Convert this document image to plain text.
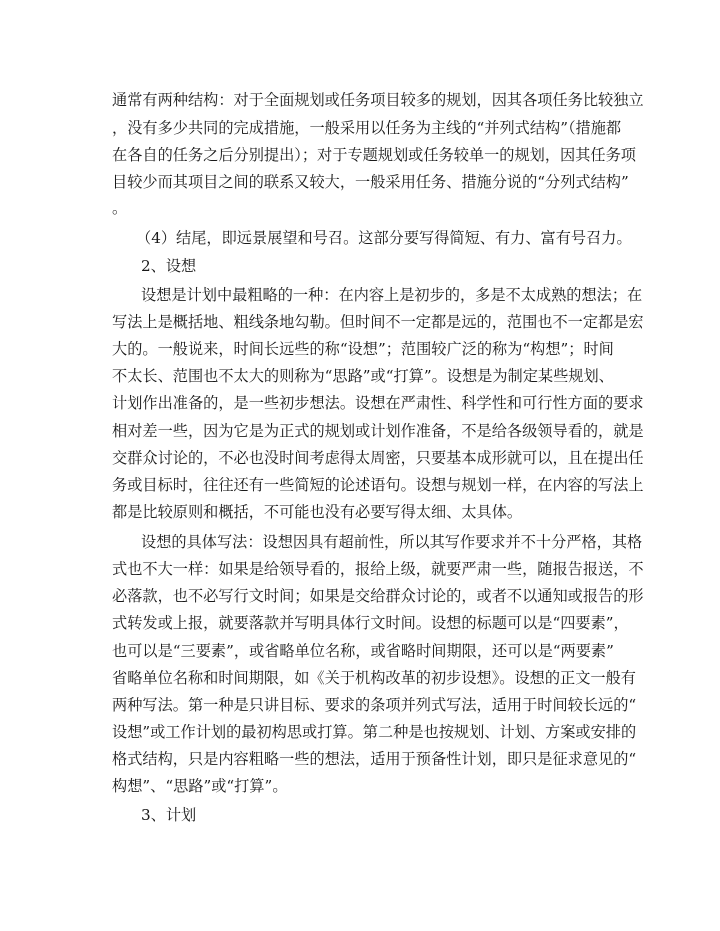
通常有两种结构：对于全面规划或任务项目较多的规划，因其各项任务比较独立
，没有多少共同的完成措施，一般采用以任务为主线的“并列式结构”（措施都
在各自的任务之后分别提出）；对于专题规划或任务较单一的规划，因其任务项
目较少而其项目之间的联系又较大，一般采用任务、措施分说的“分列式结构”
。
（4）结尾，即远景展望和号召。这部分要写得简短、有力、富有号召力。
2、设想
设想是计划中最粗略的一种：在内容上是初步的，多是不太成熟的想法；在
写法上是概括地、粗线条地勾勒。但时间不一定都是远的，范围也不一定都是宏
大的。一般说来，时间长远些的称“设想”；范围较广泛的称为“构想”；时间
不太长、范围也不太大的则称为“思路”或“打算”。设想是为制定某些规划、
计划作出准备的，是一些初步想法。设想在严肃性、科学性和可行性方面的要求
相对差一些，因为它是为正式的规划或计划作准备，不是给各级领导看的，就是
交群众讨论的，不必也没时间考虑得太周密，只要基本成形就可以，且在提出任
务或目标时，往往还有一些简短的论述语句。设想与规划一样，在内容的写法上
都是比较原则和概括，不可能也没有必要写得太细、太具体。
设想的具体写法：设想因具有超前性，所以其写作要求并不十分严格，其格
式也不大一样：如果是给领导看的，报给上级，就要严肃一些，随报告报送，不
必落款，也不必写行文时间；如果是交给群众讨论的，或者不以通知或报告的形
式转发或上报，就要落款并写明具体行文时间。设想的标题可以是“四要素”，
也可以是“三要素”，或省略单位名称，或省略时间期限，还可以是“两要素”
省略单位名称和时间期限，如《关于机构改革的初步设想》。设想的正文一般有
两种写法。第一种是只讲目标、要求的条项并列式写法，适用于时间较长远的“
设想”或工作计划的最初构思或打算。第二种是也按规划、计划、方案或安排的
格式结构，只是内容粗略一些的想法，适用于预备性计划，即只是征求意见的“
构想”、“思路”或“打算”。
3、计划
